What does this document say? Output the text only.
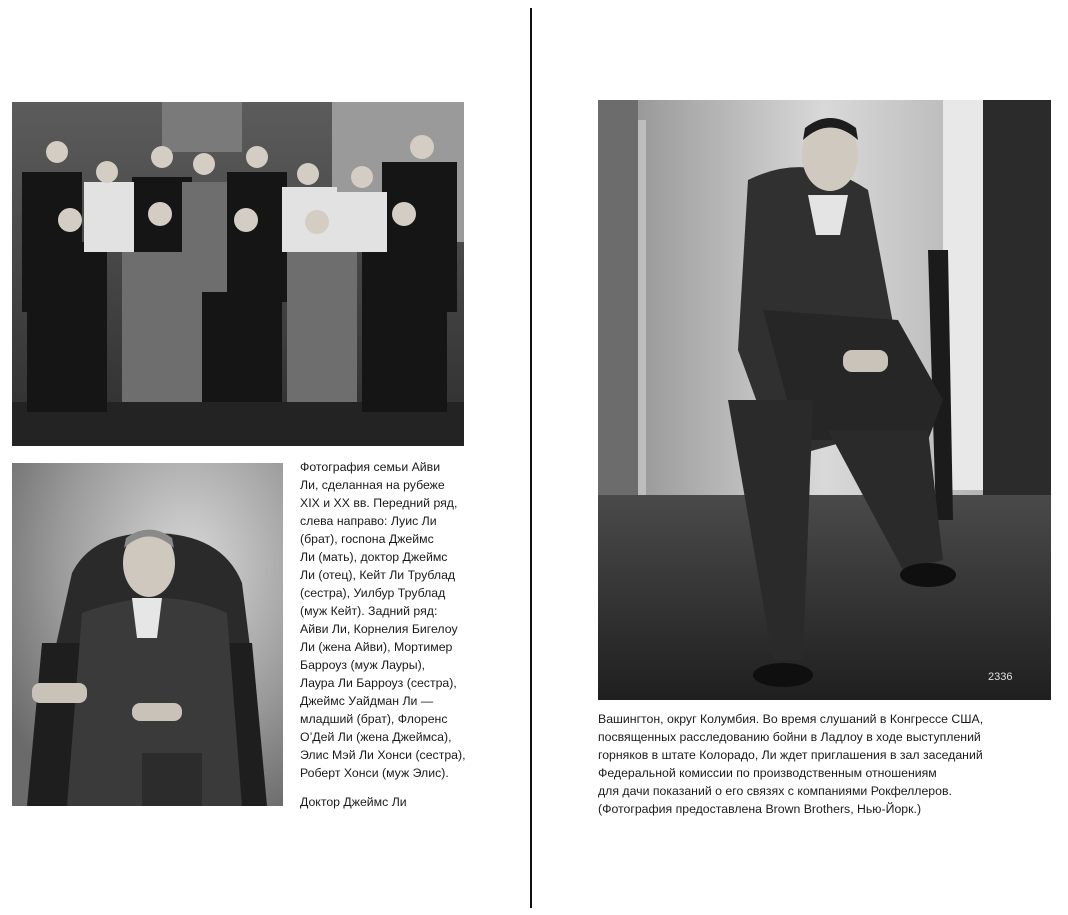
Фотография семьи Айви
Ли, сделанная на рубеже
XIX и XX вв. Передний ряд,
слева направо: Луис Ли
(брат), госпона Джеймс
Ли (мать), доктор Джеймс
Ли (отец), Кейт Ли Трублад
(сестра), Уилбур Трублад
(муж Кейт). Задний ряд:
Айви Ли, Корнелия Бигелоу
Ли (жена Айви), Мортимер
Барроуз (муж Лауры),
Лаура Ли Барроуз (сестра),
Джеймс Уайдман Ли —
младший (брат), Флоренс
О’Дей Ли (жена Джеймса),
Элис Мэй Ли Хонси (сестра),
Роберт Хонси (муж Элис).

Доктор Джеймс Ли

2336

Вашингтон, округ Колумбия. Во время слушаний в Конгрессе США,
посвященных расследованию бойни в Ладлоу в ходе выступлений
горняков в штате Колорадо, Ли ждет приглашения в зал заседаний
Федеральной комиссии по производственным отношениям
для дачи показаний о его связях с компаниями Рокфеллеров.
(Фотография предоставлена Brown Brothers, Нью-Йорк.)
